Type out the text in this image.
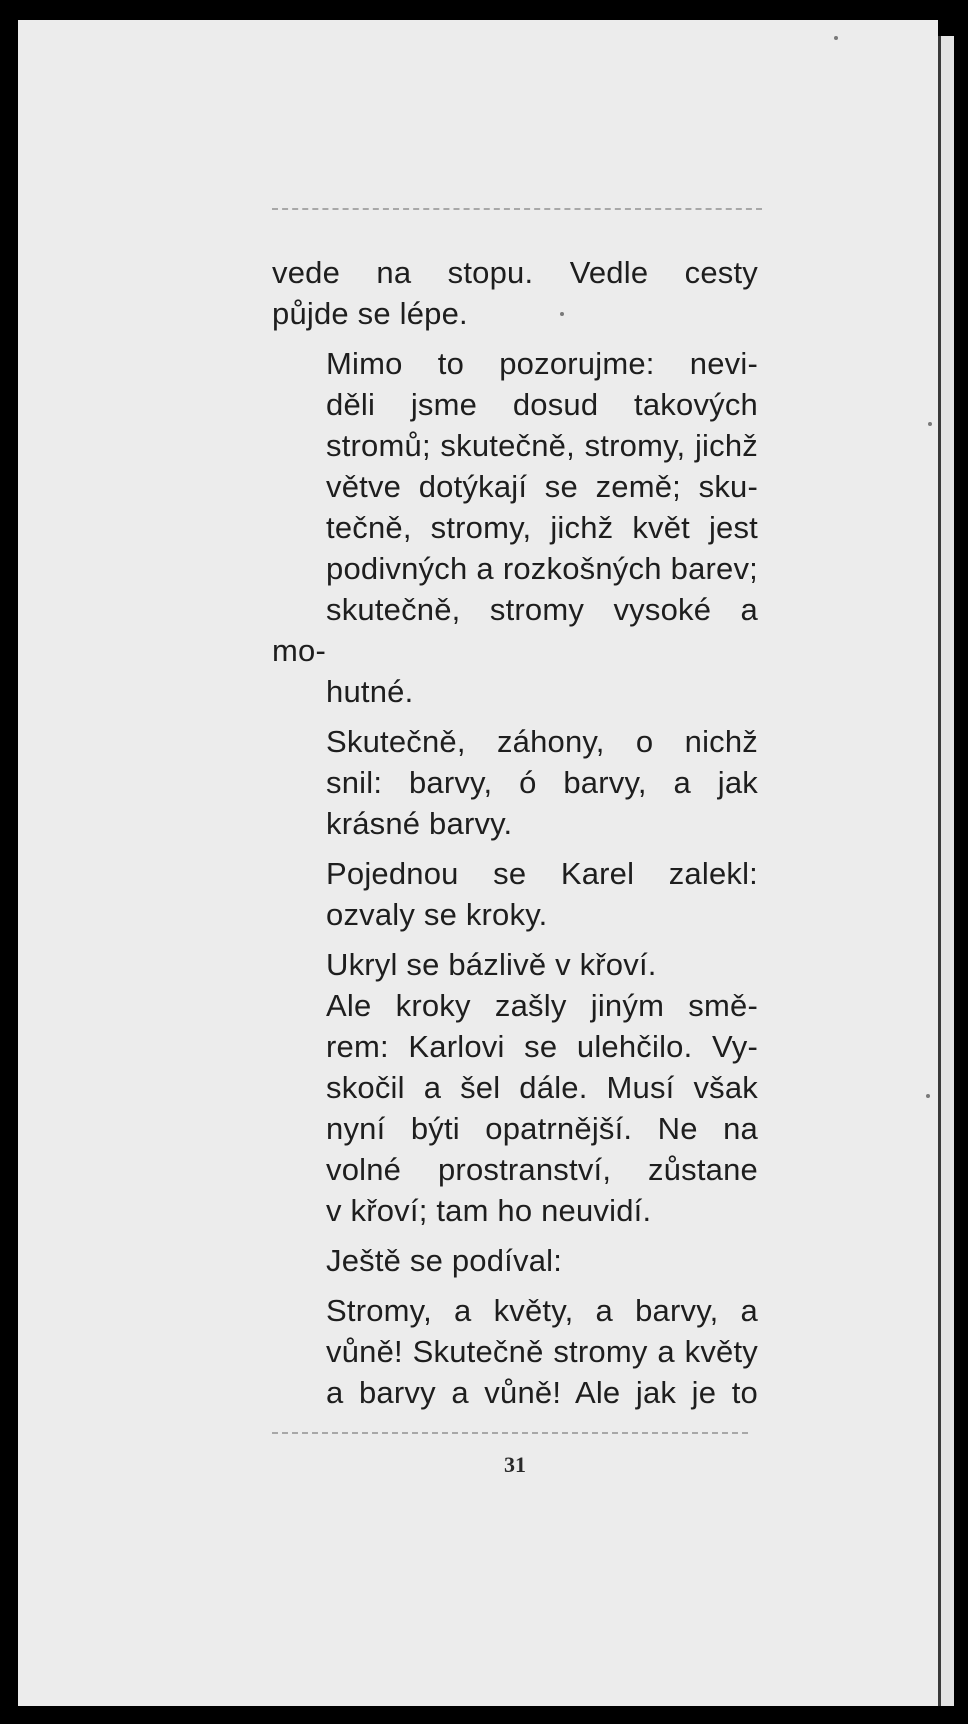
vede na stopu. Vedle cesty
půjde se lépe.

Mimo to pozorujme: nevi-
děli jsme dosud takových
stromů; skutečně, stromy, jichž
větve dotýkají se země; sku-
tečně, stromy, jichž květ jest
podivných a rozkošných barev;
skutečně, stromy vysoké a mo-
hutné.

Skutečně, záhony, o nichž
snil: barvy, ó barvy, a jak
krásné barvy.

Pojednou se Karel zalekl:
ozvaly se kroky.

Ukryl se bázlivě v křoví.

Ale kroky zašly jiným smě-
rem: Karlovi se ulehčilo. Vy-
skočil a šel dále. Musí však
nyní býti opatrnější. Ne na
volné prostranství, zůstane
v křoví; tam ho neuvidí.

Ještě se podíval:

Stromy, a květy, a barvy, a
vůně! Skutečně stromy a květy
a barvy a vůně! Ale jak je to

31
